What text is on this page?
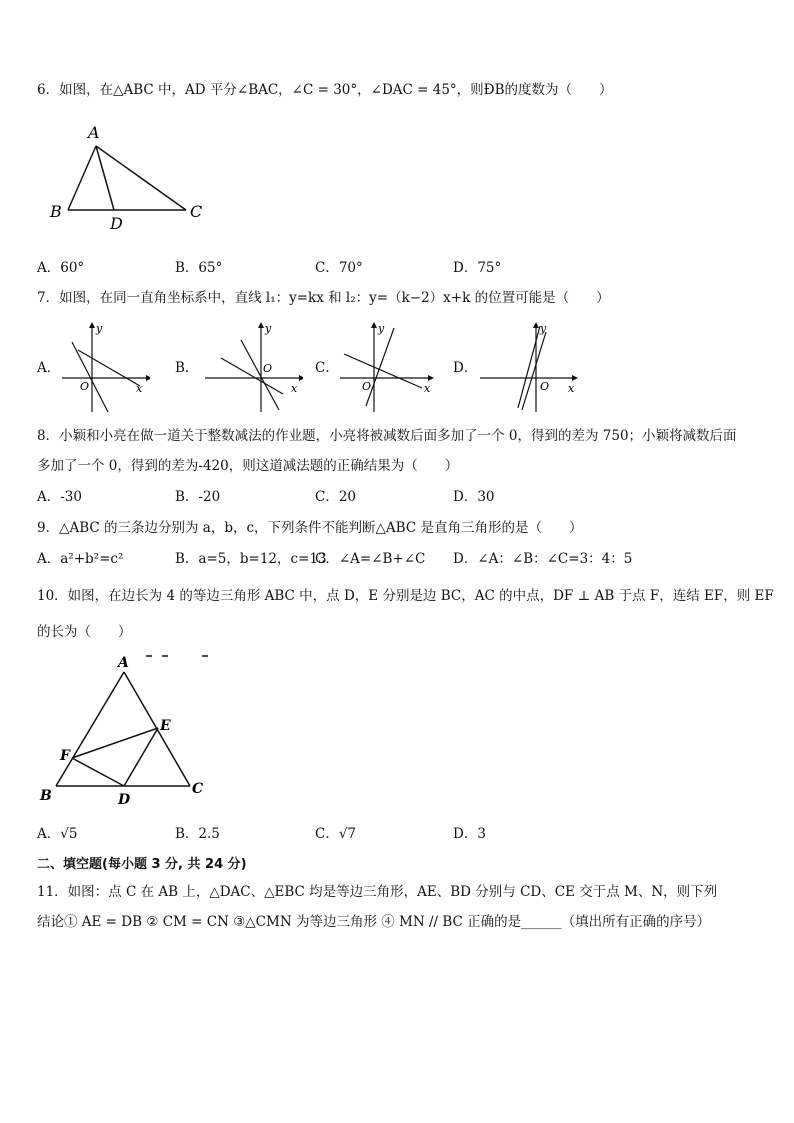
6．如图，在△ABC 中，AD 平分∠BAC，∠C = 30°，∠DAC = 45°，则ÐB的度数为（　　）
A
B	C
D
A．60°	B．65°	C．70°	D．75°
7．如图，在同一直角坐标系中，直线 l₁：y=kx 和 l₂：y=（k−2）x+k 的位置可能是（　　）
A．	B．	C．	D．
y
x
O
y
x
O
y
x
O
y
x
O
8．小颖和小亮在做一道关于整数减法的作业题，小亮将被减数后面多加了一个 0，得到的差为 750；小颖将减数后面
多加了一个 0，得到的差为-420，则这道减法题的正确结果为（　　）
A．-30	B．-20	C．20	D．30
9．△ABC 的三条边分别为 a，b，c，下列条件不能判断△ABC 是直角三角形的是（　　）
A．a²+b²=c²	B．a=5，b=12，c=13
C．∠A=∠B+∠C D．∠A：∠B：∠C=3：4：5
10．如图，在边长为 4 的等边三角形 ABC 中，点 D，E 分别是边 BC，AC 的中点，DF ⊥ AB 于点 F，连结 EF，则 EF
的长为（　　）
A
B	C
D
E
F
A．√5	B．2.5	C．√7	D．3
二、填空题(每小题 3 分, 共 24 分)
11．如图：点 C 在 AB 上，△DAC、△EBC 均是等边三角形，AE、BD 分别与 CD、CE 交于点 M、N，则下列
结论① AE = DB ② CM = CN ③△CMN 为等边三角形 ④ MN // BC 正确的是______（填出所有正确的序号）
